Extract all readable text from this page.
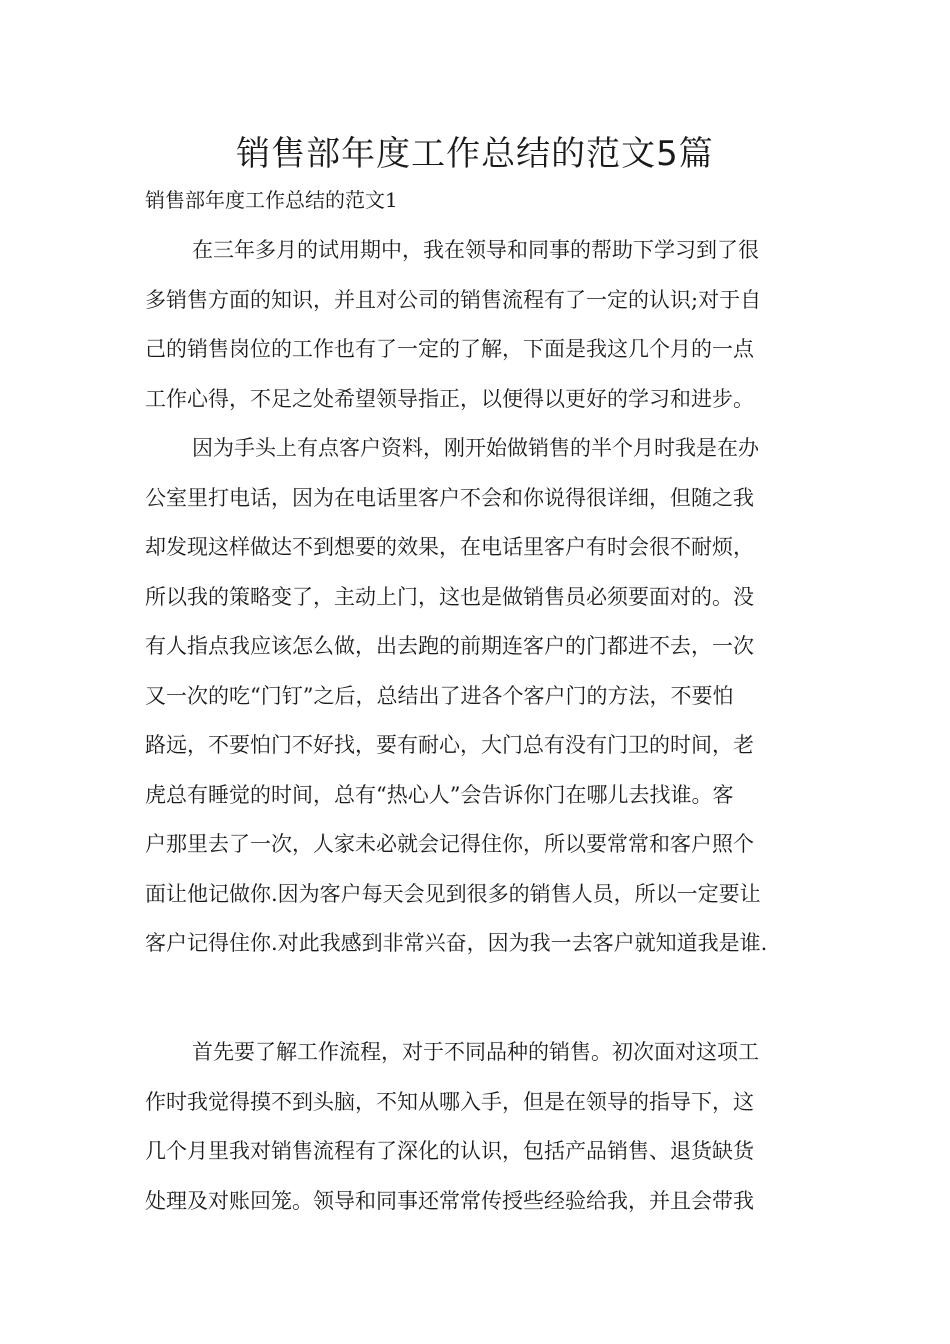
销售部年度工作总结的范文5篇

销售部年度工作总结的范文1

在三年多月的试用期中，我在领导和同事的帮助下学习到了很
多销售方面的知识，并且对公司的销售流程有了一定的认识;对于自
己的销售岗位的工作也有了一定的了解，下面是我这几个月的一点
工作心得，不足之处希望领导指正，以便得以更好的学习和进步。
因为手头上有点客户资料，刚开始做销售的半个月时我是在办
公室里打电话，因为在电话里客户不会和你说得很详细，但随之我
却发现这样做达不到想要的效果，在电话里客户有时会很不耐烦，
所以我的策略变了，主动上门，这也是做销售员必须要面对的。没
有人指点我应该怎么做，出去跑的前期连客户的门都进不去，一次
又一次的吃“门钉”之后，总结出了进各个客户门的方法，不要怕
路远，不要怕门不好找，要有耐心，大门总有没有门卫的时间，老
虎总有睡觉的时间，总有“热心人”会告诉你门在哪儿去找谁。客
户那里去了一次，人家未必就会记得住你，所以要常常和客户照个
面让他记做你.因为客户每天会见到很多的销售人员，所以一定要让
客户记得住你.对此我感到非常兴奋，因为我一去客户就知道我是谁.
首先要了解工作流程，对于不同品种的销售。初次面对这项工
作时我觉得摸不到头脑，不知从哪入手，但是在领导的指导下，这
几个月里我对销售流程有了深化的认识，包括产品销售、退货缺货
处理及对账回笼。领导和同事还常常传授些经验给我，并且会带我
